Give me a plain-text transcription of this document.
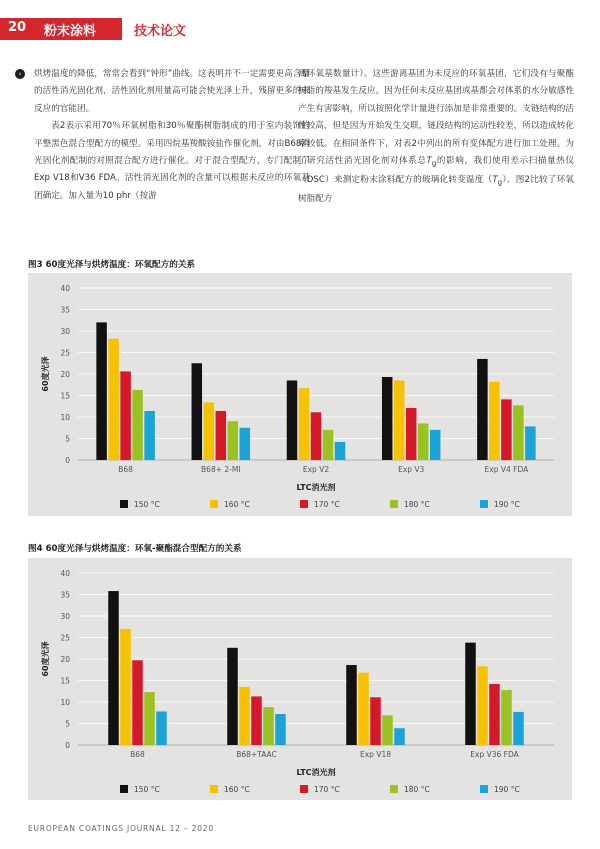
20 粉末涂料	技术论文
›	烘烤温度的降低，常常会看到“钟形”曲线。这表明并不一定需要更高含量的活性消光固化剂，活性固化剂用量高可能会使光泽上升，残留更多的未反应的官能团。

表2表示采用70％环氧树脂和30％聚酯树脂制成的用于室内装饰的平整黑色混合型配方的模型。采用四烷基羧酸铵盐作催化剂，对由B68消光固化剂配制的对照混合配方进行催化。对于混合型配方，专门配制了Exp V18和V36 FDA。活性消光固化剂的含量可以根据未反应的环氧基团确定。加入量为10 phr（按游

离环氧基数量计）。这些游离基团为未反应的环氧基团，它们没有与聚酯树脂的羧基发生反应。因为任何未反应基团或基都会对体系的水分敏感性产生有害影响，所以按照化学计量进行添加是非常重要的。支链结构的活性较高，但是因为开始发生交联，链段结构的运动性较差，所以造成转化率较低。在相同条件下，对表2中列出的所有变体配方进行加工处理。为了研究活性消光固化剂对体系总$T_g$的影响，我们使用差示扫描量热仪（DSC）来测定粉末涂料配方的玻璃化转变温度$(T_g)$。图2比较了环氧树脂配方

图3 60度光泽与烘烤温度：环氧配方的关系
0
5
10
15
20
25
30
35
40
60度光泽
B68	B68+ 2-MI	Exp V2	Exp V3	Exp V4 FDA
LTC消光剂
150 °C	160 °C	170 °C	180 °C	190 °C
图4 60度光泽与烘烤温度：环氧-聚酯混合型配方的关系
0
5
10
15
20
25
30
35
40
60度光泽
B68	B68+TAAC	Exp V18	Exp V36 FDA
LTC消光剂
150 °C	160 °C	170 °C	180 °C	190 °C
EUROPEAN COATINGS JOURNAL 12 – 2020
